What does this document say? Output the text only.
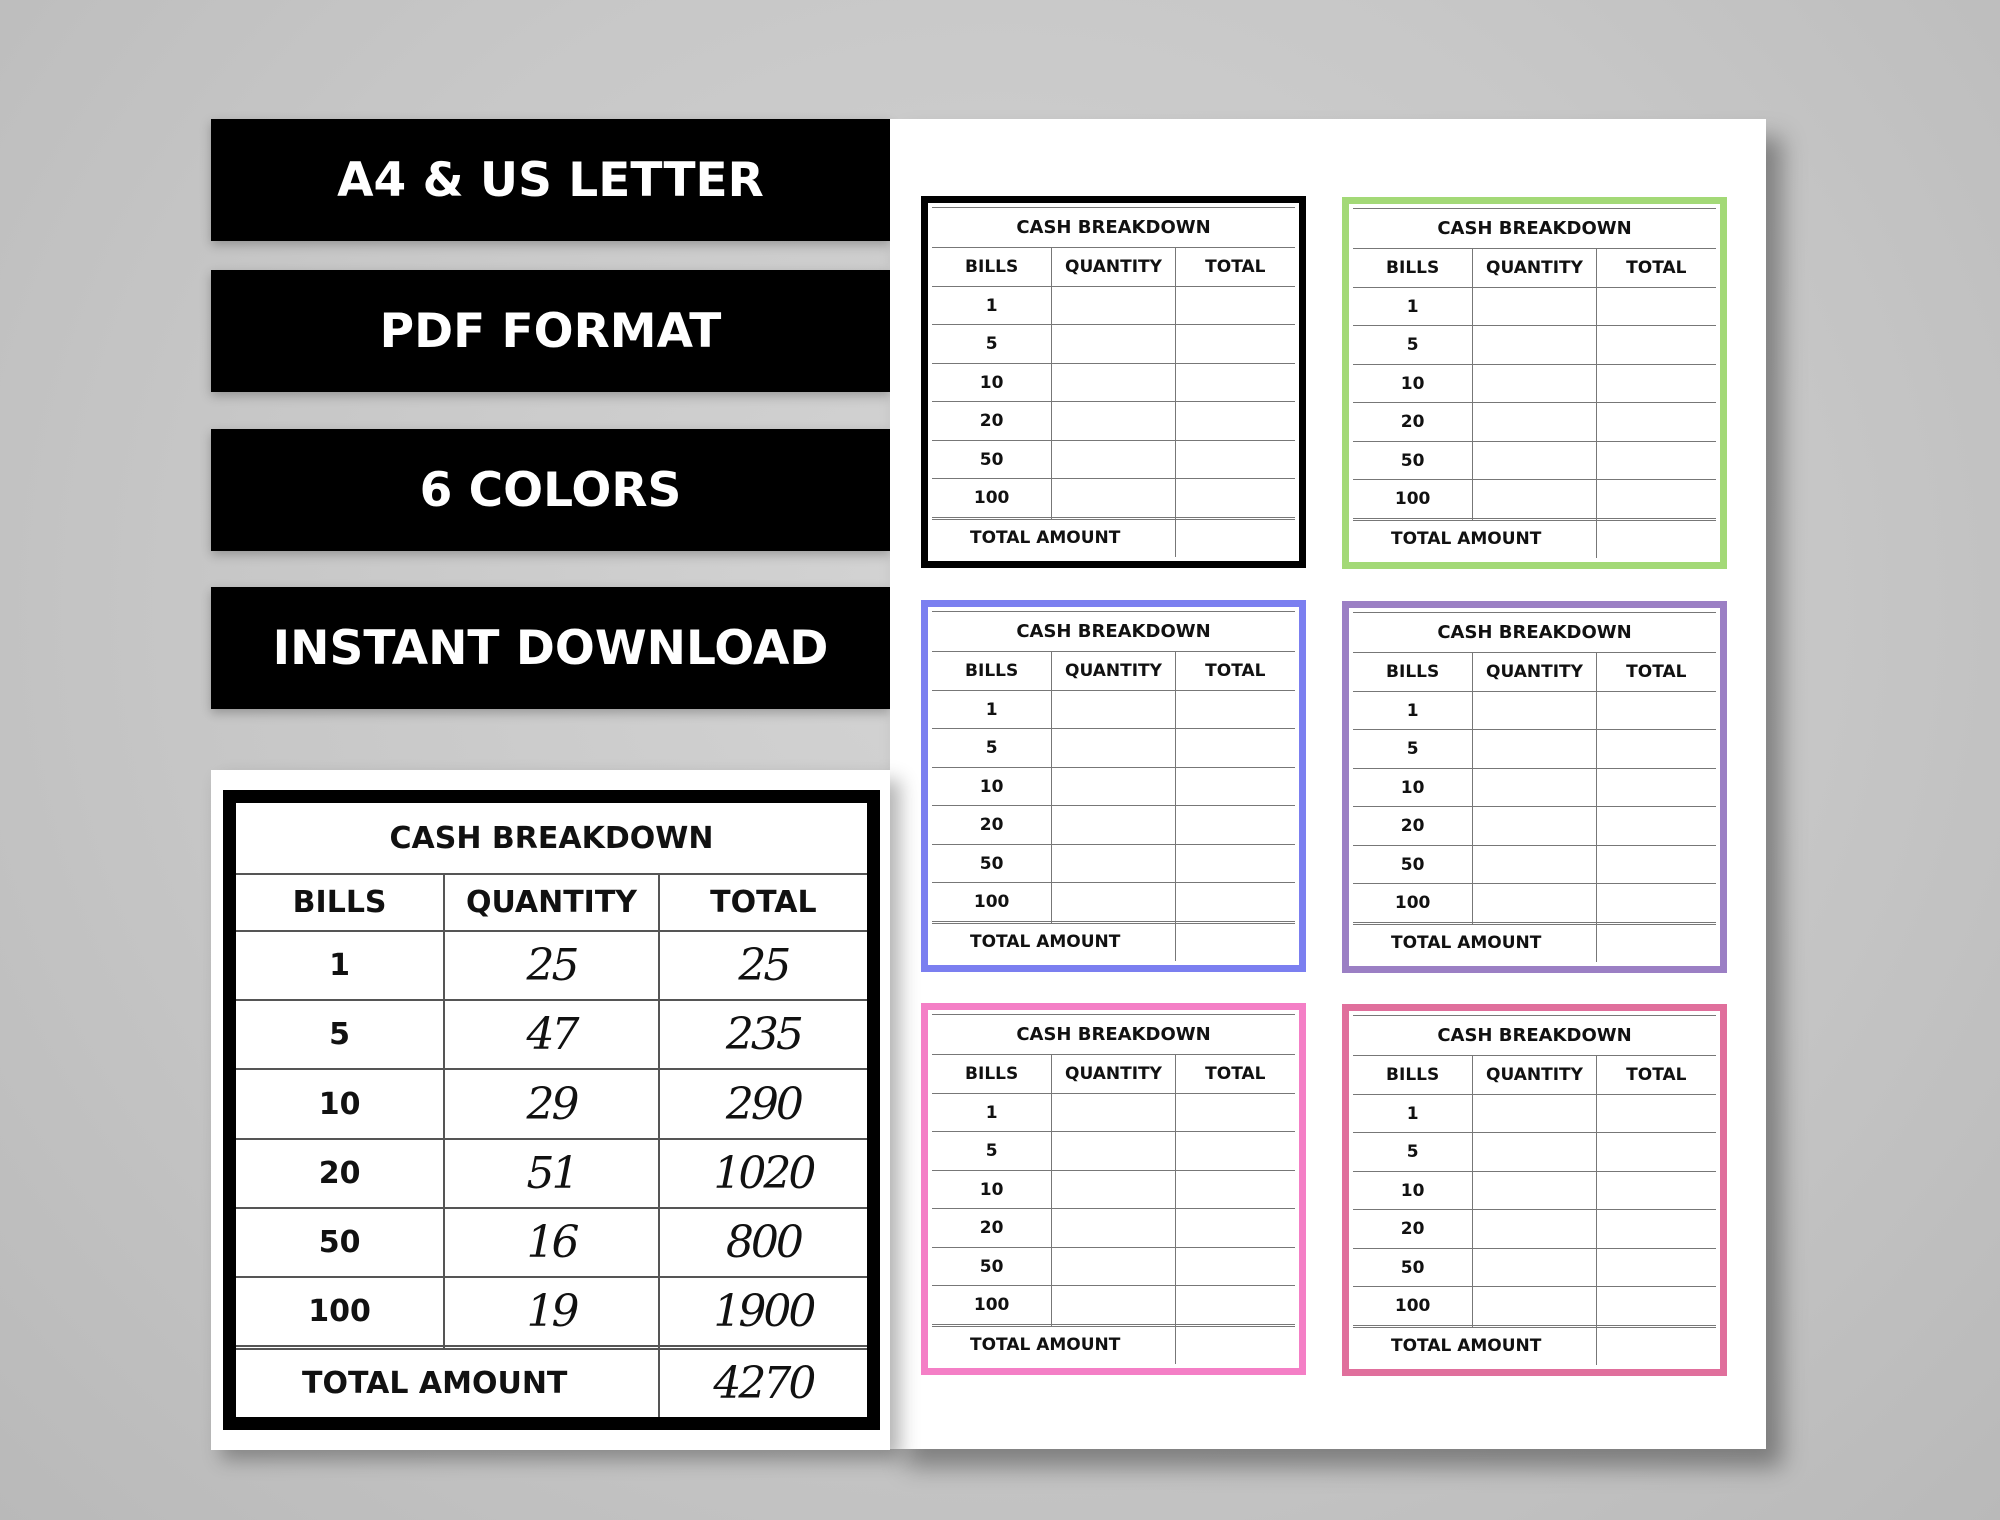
A4 & US LETTER
PDF FORMAT
6 COLORS
INSTANT DOWNLOAD
CASH BREAKDOWN		
BILLS	QUANTITY	TOTAL
1		
5		
10		
20		
50		
100		

TOTAL AMOUNT		
CASH BREAKDOWN		
BILLS	QUANTITY	TOTAL
1		
5		
10		
20		
50		
100		

TOTAL AMOUNT		
CASH BREAKDOWN		
BILLS	QUANTITY	TOTAL
1		
5		
10		
20		
50		
100		

TOTAL AMOUNT		
CASH BREAKDOWN		
BILLS	QUANTITY	TOTAL
1		
5		
10		
20		
50		
100		

TOTAL AMOUNT		
CASH BREAKDOWN		
BILLS	QUANTITY	TOTAL
1		
5		
10		
20		
50		
100		

TOTAL AMOUNT		
CASH BREAKDOWN		
BILLS	QUANTITY	TOTAL
1		
5		
10		
20		
50		
100		

TOTAL AMOUNT		
CASH BREAKDOWN		
BILLS	QUANTITY	TOTAL
1	25	25
5	47	235
10	29	290
20	51	1020
50	16	800
100	19	1900

TOTAL AMOUNT		4270
